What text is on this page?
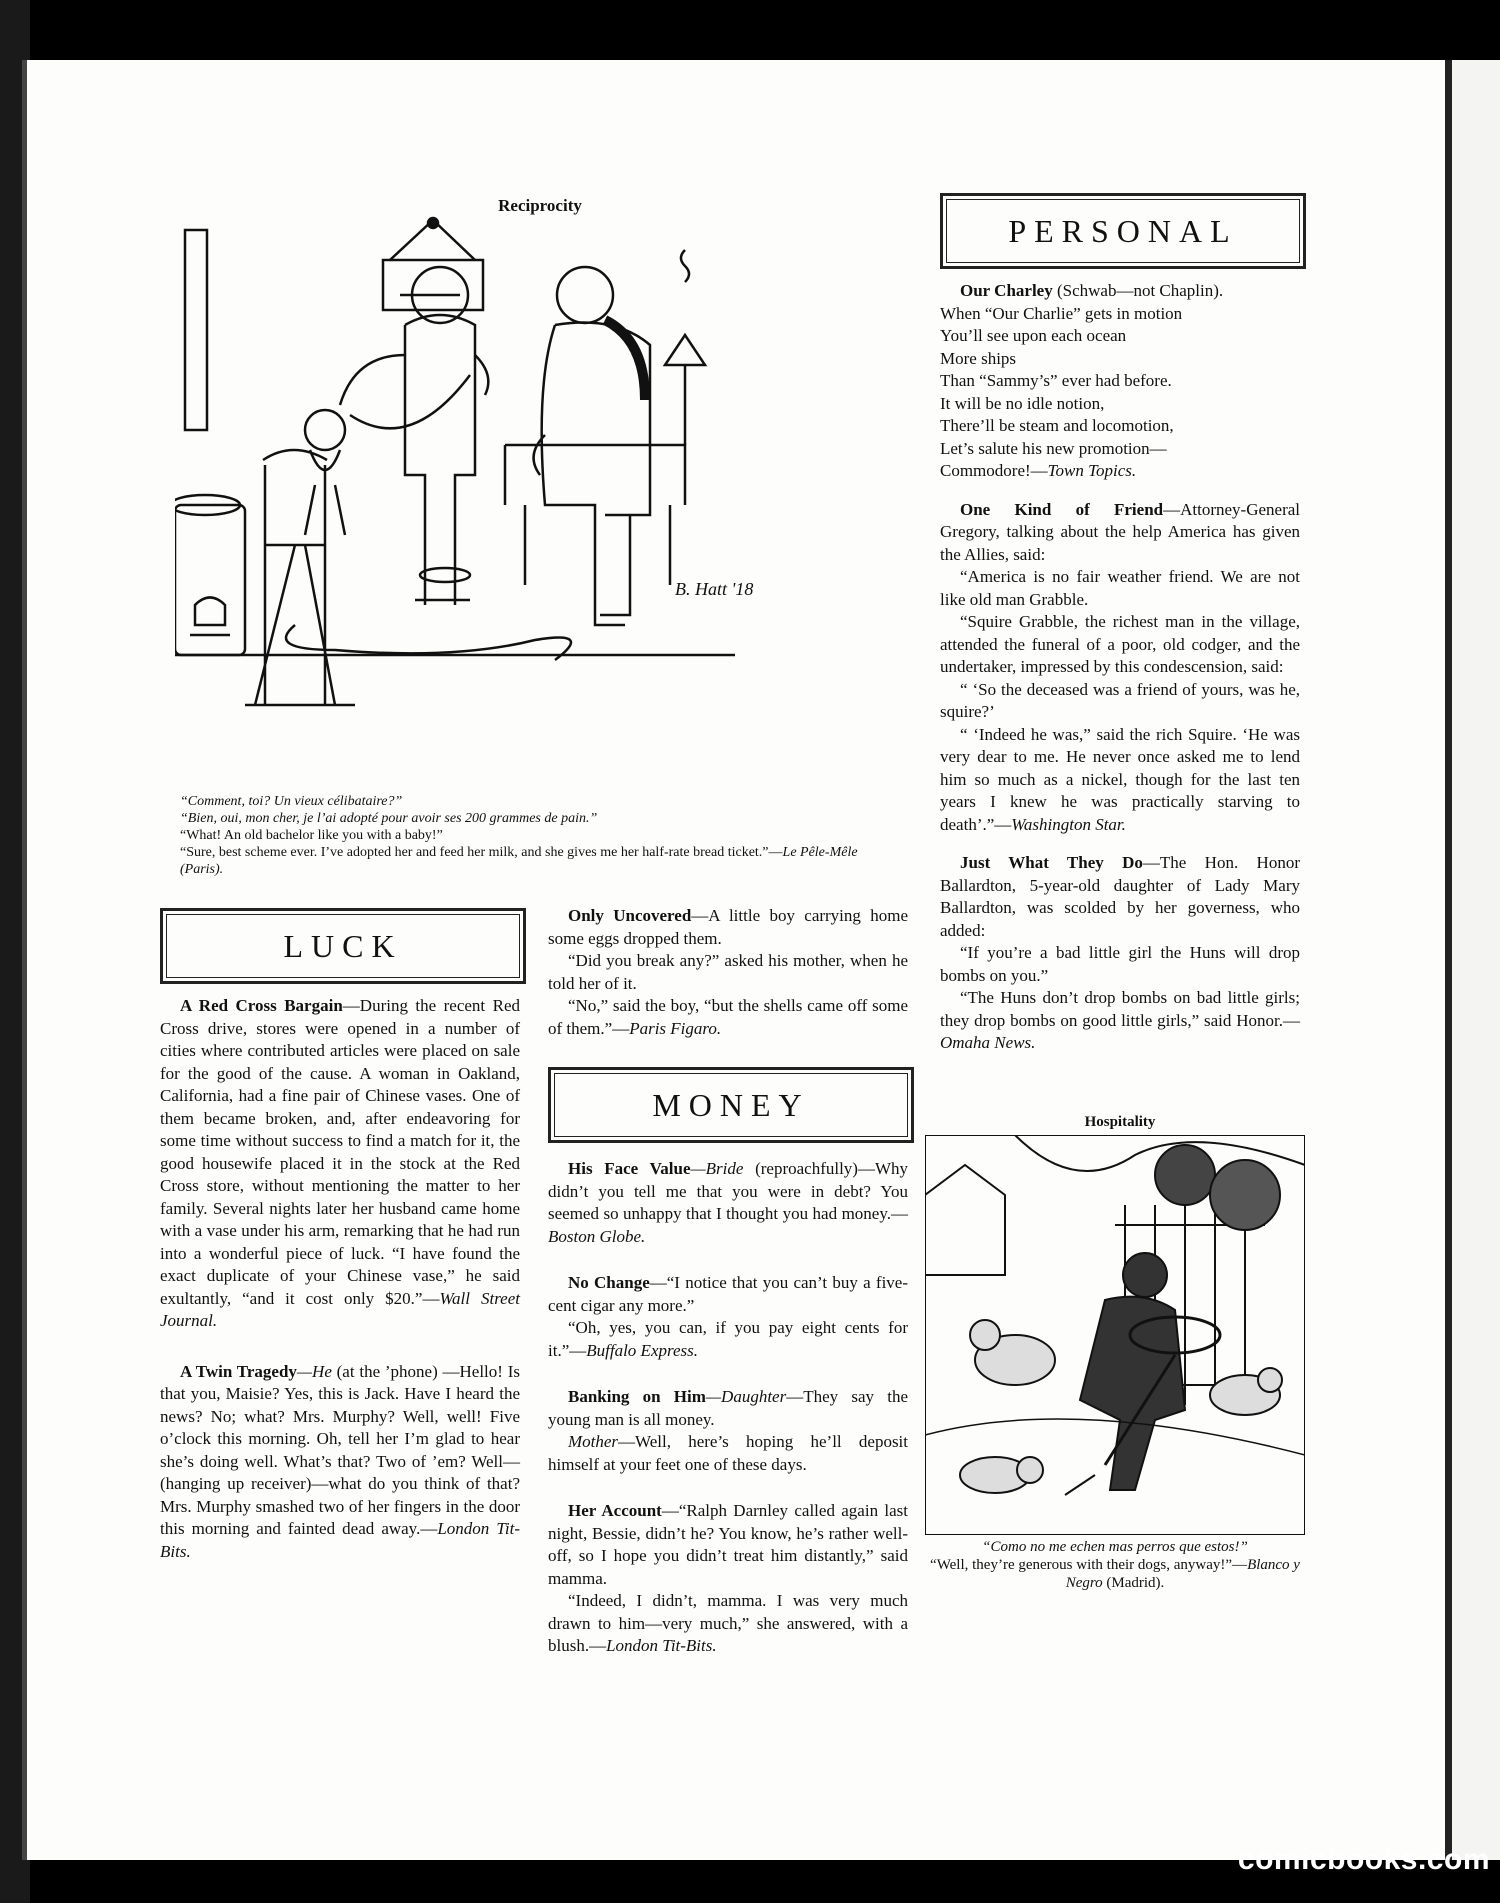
Reciprocity
B. Hatt '18
“Comment, toi? Un vieux célibataire?”
“Bien, oui, mon cher, je l’ai adopté pour avoir ses 200 grammes de pain.”
“What! An old bachelor like you with a baby!”
“Sure, best scheme ever. I’ve adopted her and feed her milk, and she gives me her half-rate bread ticket.”—Le Pêle-Mêle (Paris).
LUCK
MONEY
PERSONAL

A Red Cross Bargain—During the recent Red Cross drive, stores were opened in a number of cities where contributed articles were placed on sale for the good of the cause. A woman in Oakland, California, had a fine pair of Chinese vases. One of them became broken, and, after endeavoring for some time without success to find a match for it, the good housewife placed it in the stock at the Red Cross store, without mentioning the matter to her family. Several nights later her husband came home with a vase under his arm, remarking that he had run into a wonderful piece of luck. “I have found the exact duplicate of your Chinese vase,” he said exultantly, “and it cost only $20.”—Wall Street Journal.

A Twin Tragedy—He (at the ’phone) —Hello! Is that you, Maisie? Yes, this is Jack. Have I heard the news? No; what? Mrs. Murphy? Well, well! Five o’clock this morning. Oh, tell her I’m glad to hear she’s doing well. What’s that? Two of ’em? Well—(hanging up receiver)—what do you think of that? Mrs. Murphy smashed two of her fingers in the door this morning and fainted dead away.—London Tit-Bits.

Only Uncovered—A little boy carrying home some eggs dropped them.

“Did you break any?” asked his mother, when he told her of it.

“No,” said the boy, “but the shells came off some of them.”—Paris Figaro.

His Face Value—Bride (reproachfully)—Why didn’t you tell me that you were in debt? You seemed so unhappy that I thought you had money.—Boston Globe.

No Change—“I notice that you can’t buy a five-cent cigar any more.”

“Oh, yes, you can, if you pay eight cents for it.”—Buffalo Express.

Banking on Him—Daughter—They say the young man is all money.

Mother—Well, here’s hoping he’ll deposit himself at your feet one of these days.

Her Account—“Ralph Darnley called again last night, Bessie, didn’t he? You know, he’s rather well-off, so I hope you didn’t treat him distantly,” said mamma.

“Indeed, I didn’t, mamma. I was very much drawn to him—very much,” she answered, with a blush.—London Tit-Bits.

Our Charley (Schwab—not Chaplin).

When “Our Charlie” gets in motion

You’ll see upon each ocean

More ships

Than “Sammy’s” ever had before.

It will be no idle notion,

There’ll be steam and locomotion,

Let’s salute his new promotion—

Commodore!—Town Topics.

One Kind of Friend—Attorney-General Gregory, talking about the help America has given the Allies, said:

“America is no fair weather friend. We are not like old man Grabble.

“Squire Grabble, the richest man in the village, attended the funeral of a poor, old codger, and the undertaker, impressed by this condescension, said:

“ ‘So the deceased was a friend of yours, was he, squire?’

“ ‘Indeed he was,” said the rich Squire. ‘He was very dear to me. He never once asked me to lend him so much as a nickel, though for the last ten years I knew he was practically starving to death’.”—Washington Star.

Just What They Do—The Hon. Honor Ballardton, 5-year-old daughter of Lady Mary Ballardton, was scolded by her governess, who added:

“If you’re a bad little girl the Huns will drop bombs on you.”

“The Huns don’t drop bombs on bad little girls; they drop bombs on good little girls,” said Honor.—Omaha News.

Hospitality
“Como no me echen mas perros que estos!”
“Well, they’re generous with their dogs, anyway!”—Blanco y Negro (Madrid).
comicbooks.com
